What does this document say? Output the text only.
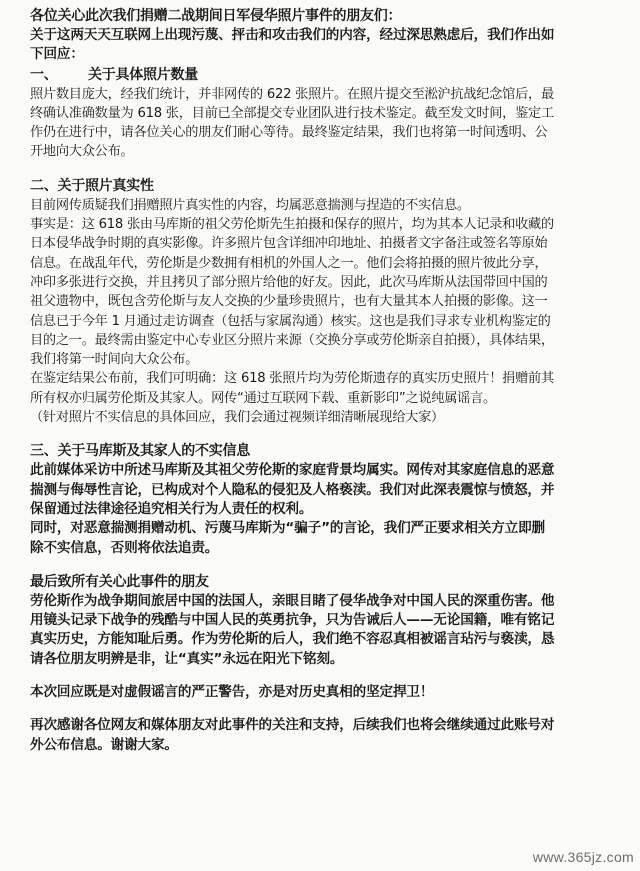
各位关心此次我们捐赠二战期间日军侵华照片事件的朋友们：
关于这两天天互联网上出现污蔑、抨击和攻击我们的内容，经过深思熟虑后，我们作出如
下回应：
一、 关于具体照片数量
照片数目庞大，经我们统计，并非网传的 622 张照片。在照片提交至淞沪抗战纪念馆后，最
终确认准确数量为 618 张，目前已全部提交专业团队进行技术鉴定。截至发文时间，鉴定工
作仍在进行中，请各位关心的朋友们耐心等待。最终鉴定结果，我们也将第一时间透明、公
开地向大众公布。
二、关于照片真实性
目前网传质疑我们捐赠照片真实性的内容，均属恶意揣测与捏造的不实信息。
事实是：这 618 张由马库斯的祖父劳伦斯先生拍摄和保存的照片，均为其本人记录和收藏的
日本侵华战争时期的真实影像。许多照片包含详细冲印地址、拍摄者文字备注或签名等原始
信息。在战乱年代，劳伦斯是少数拥有相机的外国人之一。他们会将拍摄的照片彼此分享，
冲印多张进行交换，并且拷贝了部分照片给他的好友。因此，此次马库斯从法国带回中国的
祖父遗物中，既包含劳伦斯与友人交换的少量珍贵照片，也有大量其本人拍摄的影像。这一
信息已于今年 1 月通过走访调查（包括与家属沟通）核实。这也是我们寻求专业机构鉴定的
目的之一。最终需由鉴定中心专业区分照片来源（交换分享或劳伦斯亲自拍摄），具体结果，
我们将第一时间向大众公布。
在鉴定结果公布前，我们可明确：这 618 张照片均为劳伦斯遗存的真实历史照片！捐赠前其
所有权亦归属劳伦斯及其家人。网传“通过互联网下载、重新影印”之说纯属谣言。
（针对照片不实信息的具体回应，我们会通过视频详细清晰展现给大家）
三、关于马库斯及其家人的不实信息
此前媒体采访中所述马库斯及其祖父劳伦斯的家庭背景均属实。网传对其家庭信息的恶意
揣测与侮辱性言论，已构成对个人隐私的侵犯及人格亵渎。我们对此深表震惊与愤怒，并
保留通过法律途径追究相关行为人责任的权利。
同时，对恶意揣测捐赠动机、污蔑马库斯为“骗子”的言论，我们严正要求相关方立即删
除不实信息，否则将依法追责。
最后致所有关心此事件的朋友
劳伦斯作为战争期间旅居中国的法国人，亲眼目睹了侵华战争对中国人民的深重伤害。他
用镜头记录下战争的残酷与中国人民的英勇抗争，只为告诫后人——无论国籍，唯有铭记
真实历史，方能知耻后勇。作为劳伦斯的后人，我们绝不容忍真相被谣言玷污与亵渎，恳
请各位朋友明辨是非，让“真实”永远在阳光下铭刻。
本次回应既是对虚假谣言的严正警告，亦是对历史真相的坚定捍卫！
再次感谢各位网友和媒体朋友对此事件的关注和支持，后续我们也将会继续通过此账号对
外公布信息。谢谢大家。
www.365jz.com
